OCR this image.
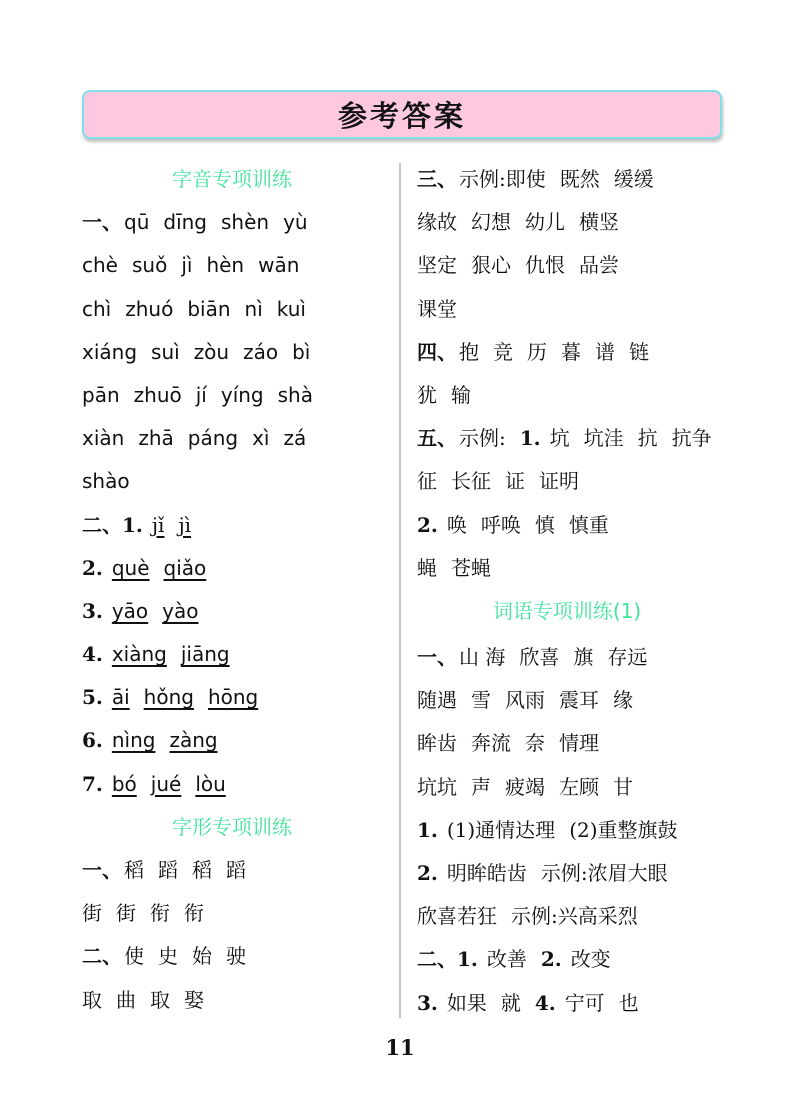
参考答案
字音专项训练
一、 qū dīng shèn yù
chè suǒ jì hèn wān
chì zhuó biān nì kuì
xiáng suì zòu záo bì
pān zhuō jí yíng shà
xiàn zhā páng xì zá
shào
二、1. jǐ jì
2. què qiǎo
3. yāo yào
4. xiàng jiāng
5. āi hǒng hōng
6. nìng zàng
7. bó jué lòu
字形专项训练
一、 稻 蹈 稻 蹈
街 街 衔 衔
二、 使 史 始 驶
取 曲 取 娶
三、 示例:即使 既然 缓缓
缘故 幻想 幼儿 横竖
坚定 狠心 仇恨 品尝
课堂
四、 抱 竞 历 暮 谱 链
犹 输
五、 示例: 1. 坑 坑洼 抗 抗争
征 长征 证 证明
2. 唤 呼唤 慎 慎重
蝇 苍蝇
词语专项训练(1)
一、 山 海 欣喜 旗 存远
随遇 雪 风雨 震耳 缘
眸齿 奔流 奈 情理
坑坑 声 疲竭 左顾 甘
1. (1)通情达理 (2)重整旗鼓
2. 明眸皓齿 示例:浓眉大眼
欣喜若狂 示例:兴高采烈
二、1. 改善 2. 改变
3. 如果 就 4. 宁可 也
11
